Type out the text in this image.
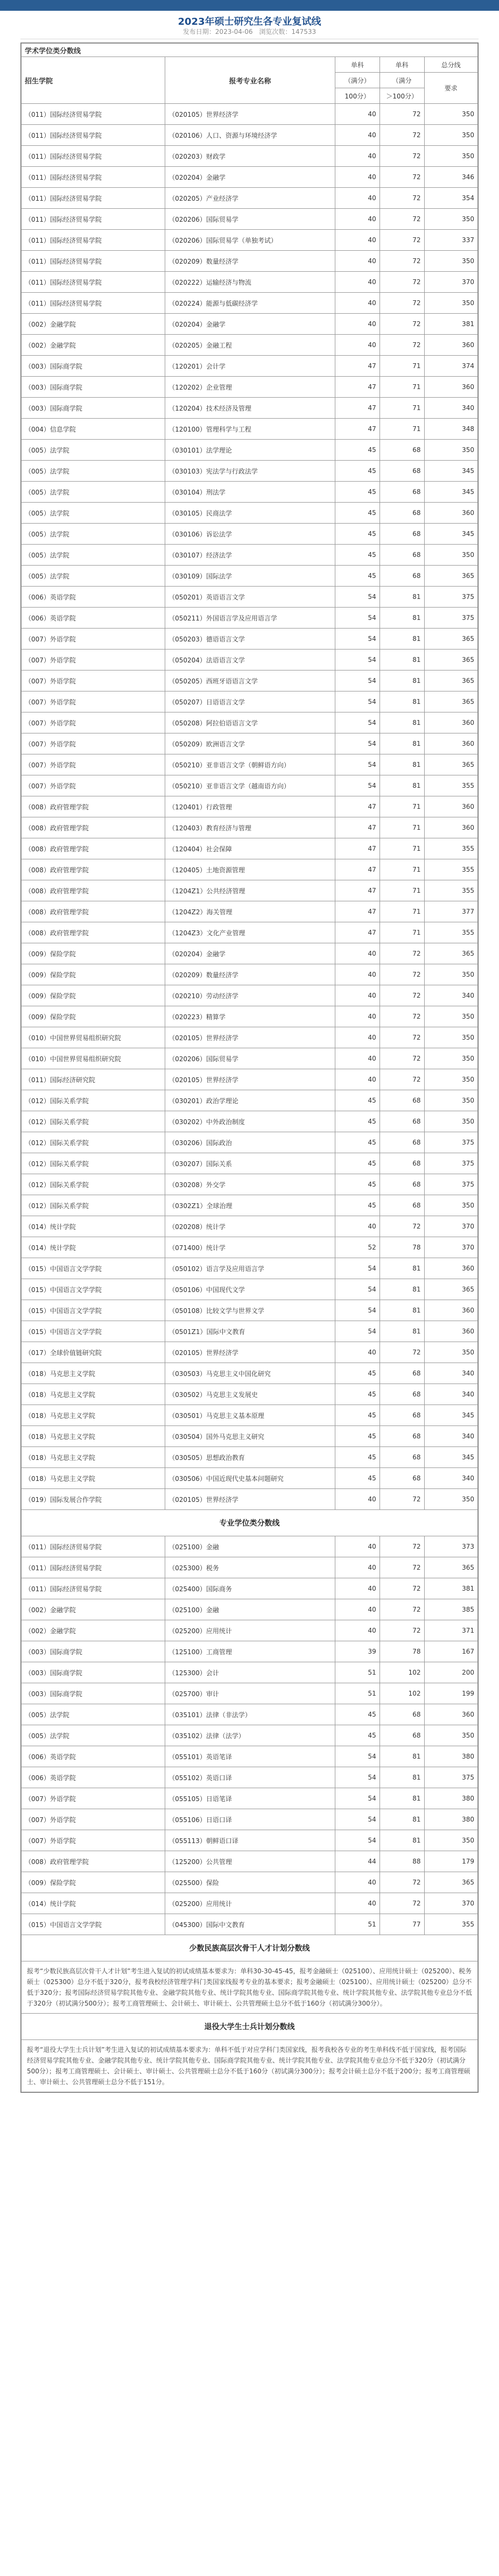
2023年硕士研究生各专业复试线
发布日期：2023-04-06 浏览次数：147533
学术学位类分数线				
招生学院	报考专业名称	单科	单科	总分线
		（满分）	（满分	要求
		100分）	＞100分）	
（011）国际经济贸易学院	（020105）世界经济学	40	72	350
（011）国际经济贸易学院	（020106）人口、资源与环境经济学	40	72	350
（011）国际经济贸易学院	（020203）财政学	40	72	350
（011）国际经济贸易学院	（020204）金融学	40	72	346
（011）国际经济贸易学院	（020205）产业经济学	40	72	354
（011）国际经济贸易学院	（020206）国际贸易学	40	72	350
（011）国际经济贸易学院	（020206）国际贸易学（单独考试）	40	72	337
（011）国际经济贸易学院	（020209）数量经济学	40	72	350
（011）国际经济贸易学院	（020222）运输经济与物流	40	72	370
（011）国际经济贸易学院	（020224）能源与低碳经济学	40	72	350
（002）金融学院	（020204）金融学	40	72	381
（002）金融学院	（020205）金融工程	40	72	360
（003）国际商学院	（120201）会计学	47	71	374
（003）国际商学院	（120202）企业管理	47	71	360
（003）国际商学院	（120204）技术经济及管理	47	71	340
（004）信息学院	（120100）管理科学与工程	47	71	348
（005）法学院	（030101）法学理论	45	68	350
（005）法学院	（030103）宪法学与行政法学	45	68	345
（005）法学院	（030104）刑法学	45	68	345
（005）法学院	（030105）民商法学	45	68	360
（005）法学院	（030106）诉讼法学	45	68	345
（005）法学院	（030107）经济法学	45	68	350
（005）法学院	（030109）国际法学	45	68	365
（006）英语学院	（050201）英语语言文学	54	81	375
（006）英语学院	（050211）外国语言学及应用语言学	54	81	375
（007）外语学院	（050203）德语语言文学	54	81	365
（007）外语学院	（050204）法语语言文学	54	81	365
（007）外语学院	（050205）西班牙语语言文学	54	81	365
（007）外语学院	（050207）日语语言文学	54	81	365
（007）外语学院	（050208）阿拉伯语语言文学	54	81	360
（007）外语学院	（050209）欧洲语言文学	54	81	360
（007）外语学院	（050210）亚非语言文学（朝鲜语方向）	54	81	365
（007）外语学院	（050210）亚非语言文学（越南语方向）	54	81	355
（008）政府管理学院	（120401）行政管理	47	71	360
（008）政府管理学院	（120403）教育经济与管理	47	71	360
（008）政府管理学院	（120404）社会保障	47	71	355
（008）政府管理学院	（120405）土地资源管理	47	71	355
（008）政府管理学院	（1204Z1）公共经济管理	47	71	355
（008）政府管理学院	（1204Z2）海关管理	47	71	377
（008）政府管理学院	（1204Z3）文化产业管理	47	71	355
（009）保险学院	（020204）金融学	40	72	365
（009）保险学院	（020209）数量经济学	40	72	350
（009）保险学院	（020210）劳动经济学	40	72	340
（009）保险学院	（020223）精算学	40	72	350
（010）中国世界贸易组织研究院	（020105）世界经济学	40	72	350
（010）中国世界贸易组织研究院	（020206）国际贸易学	40	72	350
（011）国际经济研究院	（020105）世界经济学	40	72	350
（012）国际关系学院	（030201）政治学理论	45	68	350
（012）国际关系学院	（030202）中外政治制度	45	68	350
（012）国际关系学院	（030206）国际政治	45	68	375
（012）国际关系学院	（030207）国际关系	45	68	375
（012）国际关系学院	（030208）外交学	45	68	375
（012）国际关系学院	（0302Z1）全球治理	45	68	350
（014）统计学院	（020208）统计学	40	72	370
（014）统计学院	（071400）统计学	52	78	370
（015）中国语言文学学院	（050102）语言学及应用语言学	54	81	360
（015）中国语言文学学院	（050106）中国现代文学	54	81	365
（015）中国语言文学学院	（050108）比较文学与世界文学	54	81	360
（015）中国语言文学学院	（0501Z1）国际中文教育	54	81	360
（017）全球价值链研究院	（020105）世界经济学	40	72	350
（018）马克思主义学院	（030503）马克思主义中国化研究	45	68	340
（018）马克思主义学院	（030502）马克思主义发展史	45	68	340
（018）马克思主义学院	（030501）马克思主义基本原理	45	68	345
（018）马克思主义学院	（030504）国外马克思主义研究	45	68	340
（018）马克思主义学院	（030505）思想政治教育	45	68	345
（018）马克思主义学院	（030506）中国近现代史基本问题研究	45	68	340
（019）国际发展合作学院	（020105）世界经济学	40	72	350
专业学位类分数线				
（011）国际经济贸易学院	（025100）金融	40	72	373
（011）国际经济贸易学院	（025300）税务	40	72	365
（011）国际经济贸易学院	（025400）国际商务	40	72	381
（002）金融学院	（025100）金融	40	72	385
（002）金融学院	（025200）应用统计	40	72	371
（003）国际商学院	（125100）工商管理	39	78	167
（003）国际商学院	（125300）会计	51	102	200
（003）国际商学院	（025700）审计	51	102	199
（005）法学院	（035101）法律（非法学）	45	68	360
（005）法学院	（035102）法律（法学）	45	68	350
（006）英语学院	（055101）英语笔译	54	81	380
（006）英语学院	（055102）英语口译	54	81	375
（007）外语学院	（055105）日语笔译	54	81	380
（007）外语学院	（055106）日语口译	54	81	380
（007）外语学院	（055113）朝鲜语口译	54	81	350
（008）政府管理学院	（125200）公共管理	44	88	179
（009）保险学院	（025500）保险	40	72	365
（014）统计学院	（025200）应用统计	40	72	370
（015）中国语言文学学院	（045300）国际中文教育	51	77	355
少数民族高层次骨干人才计划分数线				
报考“少数民族高层次骨干人才计划”考生进入复试的初试成绩基本要求为：单科30-30-45-45，报考金融硕士（025100）、应用统计硕士（025200）、税务硕士（025300）总分不低于320分，报考我校经济管理学科门类国家线报考专业的基本要求；报考金融硕士（025100）、应用统计硕士（025200）总分不低于320分；报考国际经济贸易学院其他专业、金融学院其他专业、统计学院其他专业、国际商学院其他专业、统计学院其他专业、法学院其他专业总分不低于320分（初试满分500分）；报考工商管理硕士、会计硕士、审计硕士、公共管理硕士总分不低于160分（初试满分300分）。				
退役大学生士兵计划分数线				
报考“退役大学生士兵计划”考生进入复试的初试成绩基本要求为：单科不低于对应学科门类国家线，报考我校各专业的考生单科线不低于国家线，报考国际经济贸易学院其他专业、金融学院其他专业、统计学院其他专业、国际商学院其他专业、统计学院其他专业、法学院其他专业总分不低于320分（初试满分500分）；报考工商管理硕士、会计硕士、审计硕士、公共管理硕士总分不低于160分（初试满分300分）；报考会计硕士总分不低于200分；报考工商管理硕士、审计硕士、公共管理硕士总分不低于151分。				
